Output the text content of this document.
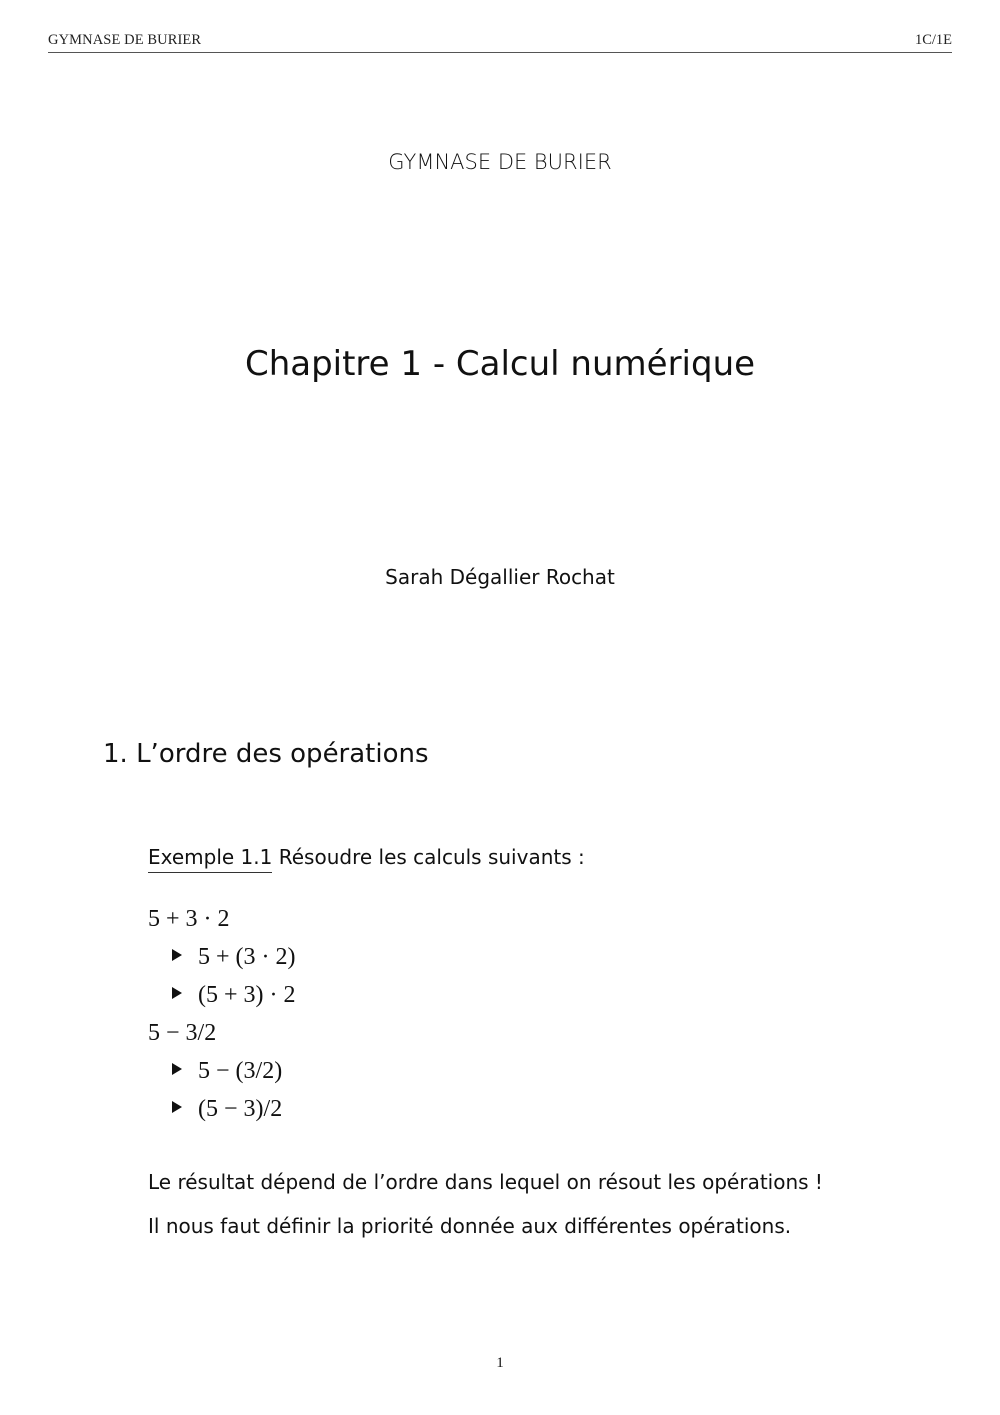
GYMNASE DE BURIER	1C/1E
GYMNASE DE BURIER
Chapitre 1 - Calcul numérique
Sarah Dégallier Rochat
1. L’ordre des opérations
Exemple 1.1 Résoudre les calculs suivants :
5 + 3 · 2
5 + (3 · 2)
(5 + 3) · 2
5 − 3/2
5 − (3/2)
(5 − 3)/2
Le résultat dépend de l’ordre dans lequel on résout les opérations !
Il nous faut définir la priorité donnée aux différentes opérations.
1
